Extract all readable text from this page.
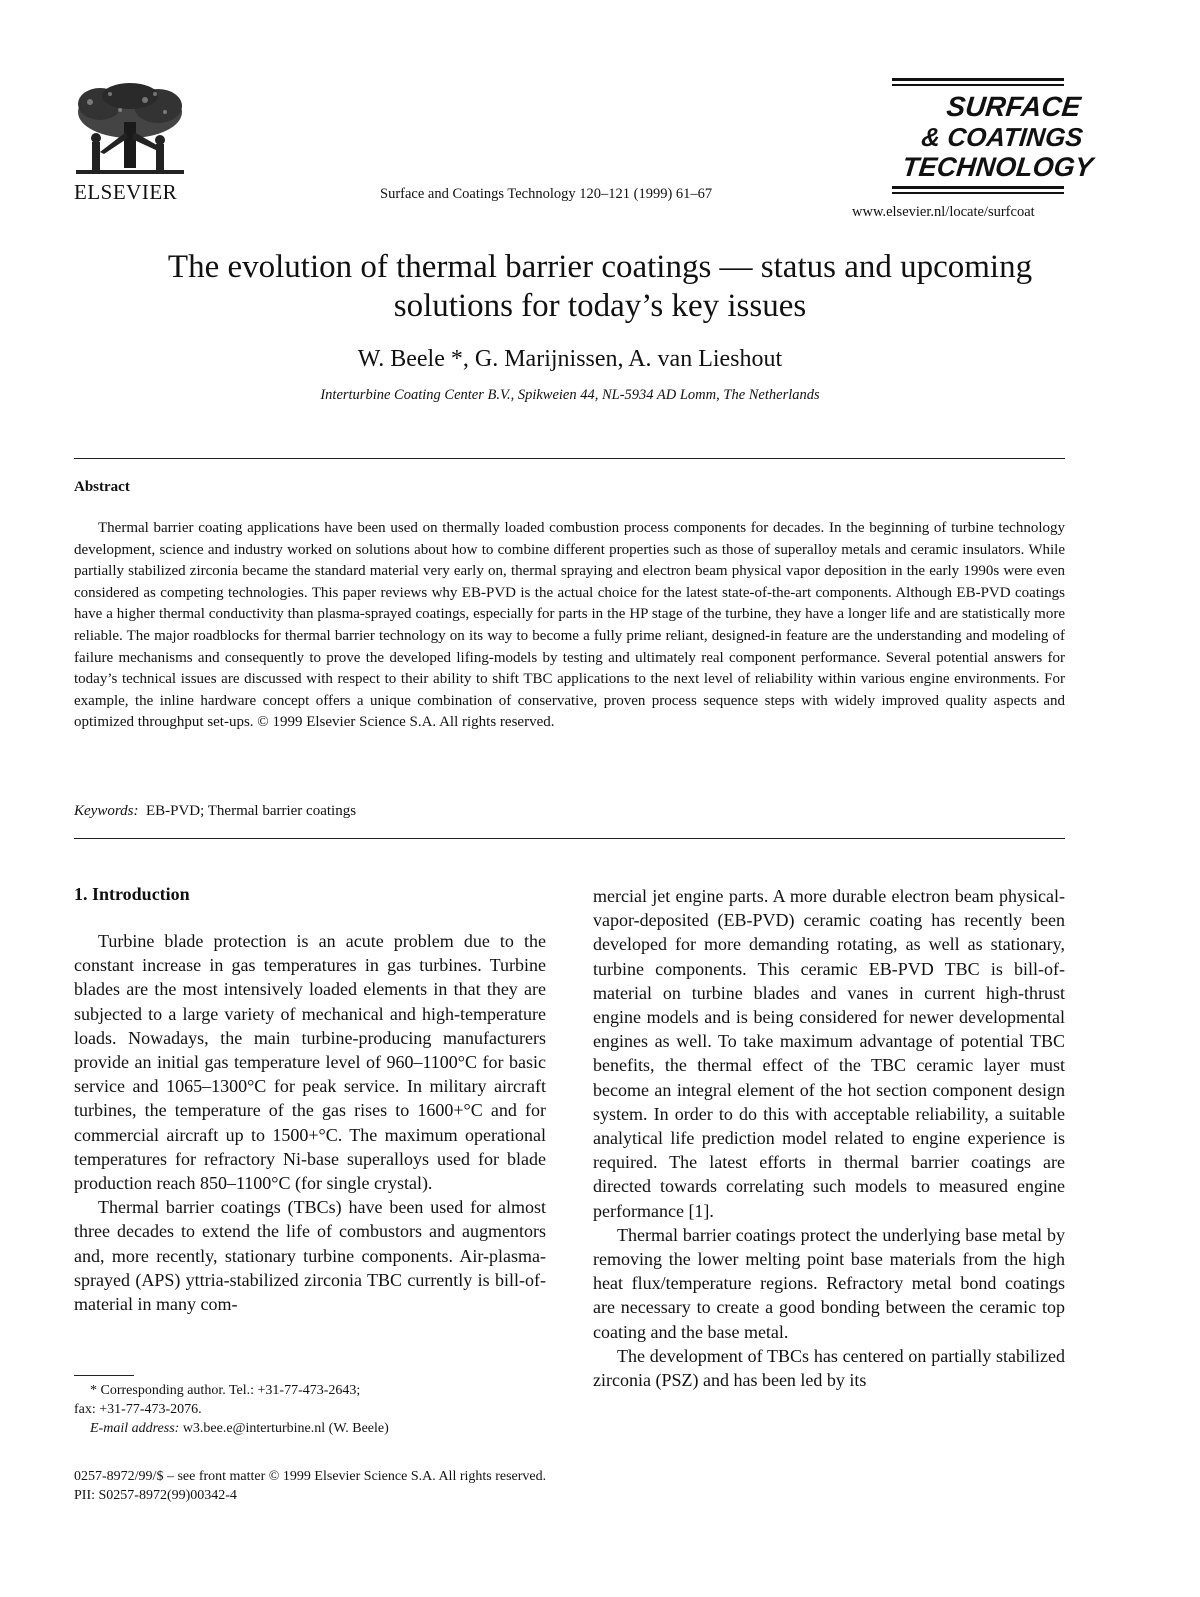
ELSEVIER	Surface and Coatings Technology 120–121 (1999) 61–67
SURFACE
& COATINGS
TECHNOLOGY
www.elsevier.nl/locate/surfcoat
The evolution of thermal barrier coatings — status and upcoming
solutions for today’s key issues
W. Beele *, G. Marijnissen, A. van Lieshout
Interturbine Coating Center B.V., Spikweien 44, NL-5934 AD Lomm, The Netherlands
Abstract
Thermal barrier coating applications have been used on thermally loaded combustion process components for decades. In the beginning of turbine technology development, science and industry worked on solutions about how to combine different properties such as those of superalloy metals and ceramic insulators. While partially stabilized zirconia became the standard material very early on, thermal spraying and electron beam physical vapor deposition in the early 1990s were even considered as competing technologies. This paper reviews why EB-PVD is the actual choice for the latest state-of-the-art components. Although EB-PVD coatings have a higher thermal conductivity than plasma-sprayed coatings, especially for parts in the HP stage of the turbine, they have a longer life and are statistically more reliable. The major roadblocks for thermal barrier technology on its way to become a fully prime reliant, designed-in feature are the understanding and modeling of failure mechanisms and consequently to prove the developed lifing-models by testing and ultimately real component performance. Several potential answers for today’s technical issues are discussed with respect to their ability to shift TBC applications to the next level of reliability within various engine environments. For example, the inline hardware concept offers a unique combination of conservative, proven process sequence steps with widely improved quality aspects and optimized throughput set-ups. © 1999 Elsevier Science S.A. All rights reserved.
Keywords: EB-PVD; Thermal barrier coatings
1. Introduction

Turbine blade protection is an acute problem due to the constant increase in gas temperatures in gas turbines. Turbine blades are the most intensively loaded elements in that they are subjected to a large variety of mechanical and high-temperature loads. Nowadays, the main turbine-producing manufacturers provide an initial gas temperature level of 960–1100°C for basic service and 1065–1300°C for peak service. In military aircraft turbines, the temperature of the gas rises to 1600+°C and for commercial aircraft up to 1500+°C. The maximum operational temperatures for refractory Ni-base superalloys used for blade production reach 850–1100°C (for single crystal).

Thermal barrier coatings (TBCs) have been used for almost three decades to extend the life of combustors and augmentors and, more recently, stationary turbine components. Air-plasma-sprayed (APS) yttria-stabilized zirconia TBC currently is bill-of-material in many com-

mercial jet engine parts. A more durable electron beam physical-vapor-deposited (EB-PVD) ceramic coating has recently been developed for more demanding rotating, as well as stationary, turbine components. This ceramic EB-PVD TBC is bill-of-material on turbine blades and vanes in current high-thrust engine models and is being considered for newer developmental engines as well. To take maximum advantage of potential TBC benefits, the thermal effect of the TBC ceramic layer must become an integral element of the hot section component design system. In order to do this with acceptable reliability, a suitable analytical life prediction model related to engine experience is required. The latest efforts in thermal barrier coatings are directed towards correlating such models to measured engine performance [1].

Thermal barrier coatings protect the underlying base metal by removing the lower melting point base materials from the high heat flux/temperature regions. Refractory metal bond coatings are necessary to create a good bonding between the ceramic top coating and the base metal.

The development of TBCs has centered on partially stabilized zirconia (PSZ) and has been led by its

* Corresponding author. Tel.: +31-77-473-2643;
fax: +31-77-473-2076.
E-mail address: w3.bee.e@interturbine.nl (W. Beele)
0257-8972/99/$ – see front matter © 1999 Elsevier Science S.A. All rights reserved.
PII: S0257-8972(99)00342-4
